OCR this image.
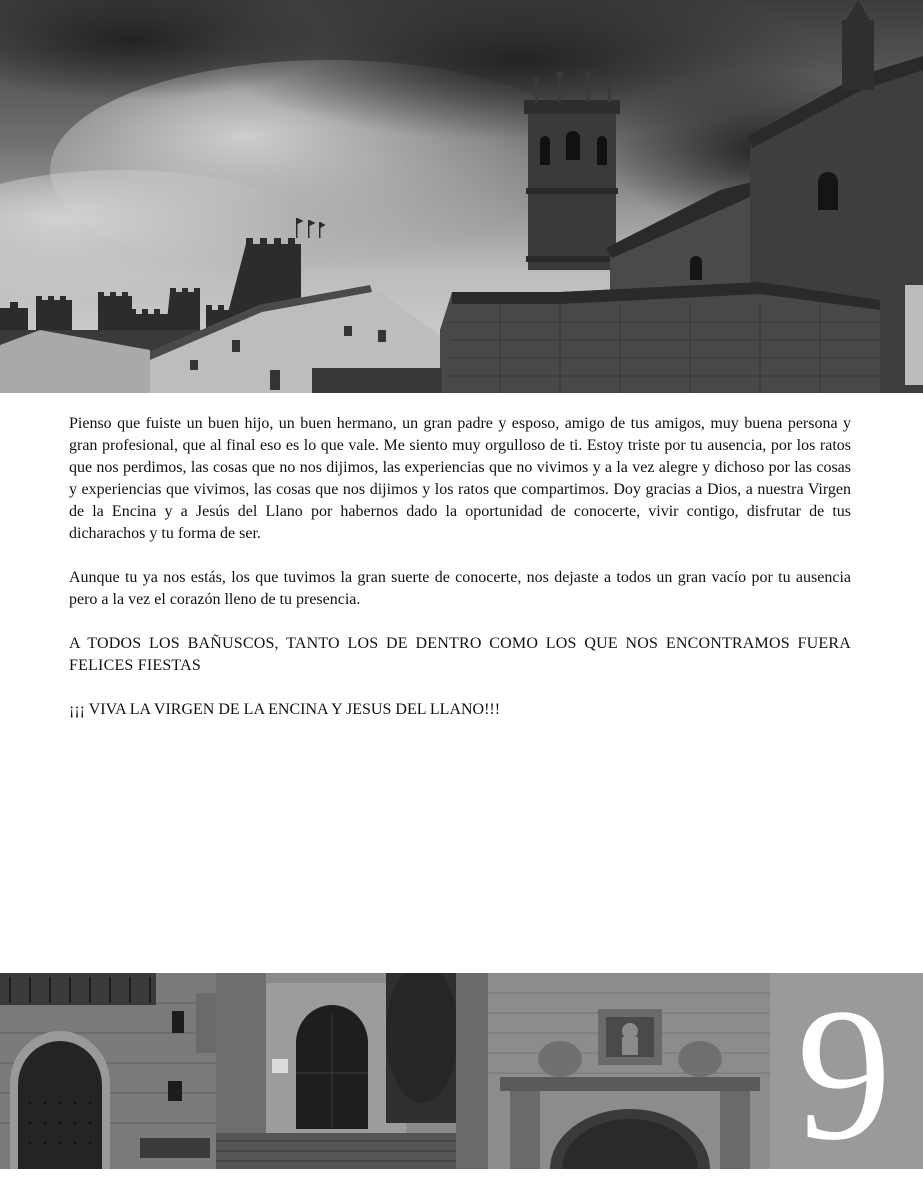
Pienso que fuiste un buen hijo, un buen hermano, un gran padre y esposo, amigo de tus amigos, muy buena persona y gran profesional, que al final eso es lo que vale. Me siento muy orgulloso de ti. Estoy triste por tu ausencia, por los ratos que nos perdimos, las cosas que no nos dijimos, las experiencias que no vivimos y a la vez alegre y dichoso por las cosas y experiencias que vivimos, las cosas que nos dijimos y los ratos que compartimos. Doy gracias a Dios, a nuestra Virgen de la Encina y a Jesús del Llano por habernos dado la oportunidad de conocerte, vivir contigo, disfrutar de tus dicharachos y tu forma de ser.

Aunque tu ya nos estás, los que tuvimos la gran suerte de conocerte, nos dejaste a todos un gran vacío por tu ausencia pero a la vez el corazón lleno de tu presencia.

A TODOS LOS BAÑUSCOS, TANTO LOS DE DENTRO COMO LOS QUE NOS ENCONTRAMOS FUERA FELICES FIESTAS

¡¡¡ VIVA LA VIRGEN DE LA ENCINA Y JESUS DEL LLANO!!!

9
